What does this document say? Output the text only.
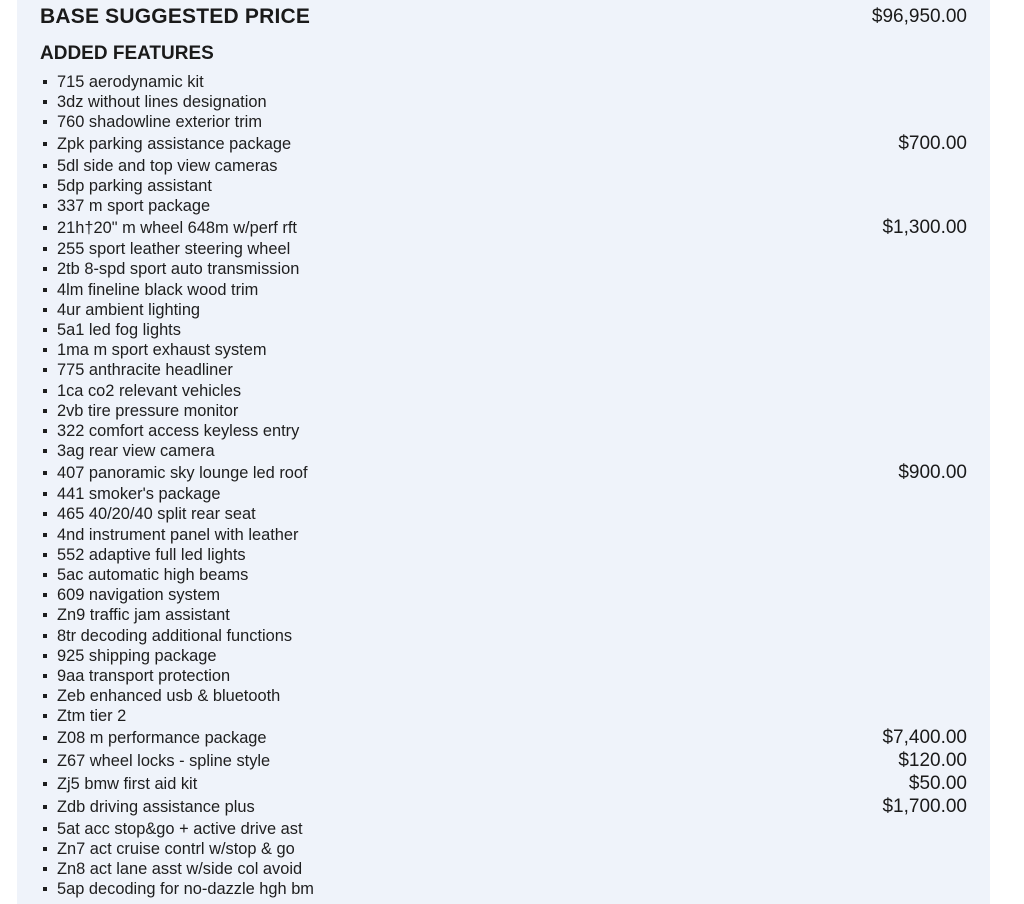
BASE SUGGESTED PRICE	$96,950.00
ADDED FEATURES
715 aerodynamic kit
3dz without lines designation
760 shadowline exterior trim
Zpk parking assistance package	$700.00
5dl side and top view cameras
5dp parking assistant
337 m sport package
21h†20" m wheel 648m w/perf rft	$1,300.00
255 sport leather steering wheel
2tb 8-spd sport auto transmission
4lm fineline black wood trim
4ur ambient lighting
5a1 led fog lights
1ma m sport exhaust system
775 anthracite headliner
1ca co2 relevant vehicles
2vb tire pressure monitor
322 comfort access keyless entry
3ag rear view camera
407 panoramic sky lounge led roof	$900.00
441 smoker's package
465 40/20/40 split rear seat
4nd instrument panel with leather
552 adaptive full led lights
5ac automatic high beams
609 navigation system
Zn9 traffic jam assistant
8tr decoding additional functions
925 shipping package
9aa transport protection
Zeb enhanced usb & bluetooth
Ztm tier 2
Z08 m performance package	$7,400.00
Z67 wheel locks - spline style	$120.00
Zj5 bmw first aid kit	$50.00
Zdb driving assistance plus	$1,700.00
5at acc stop&go + active drive ast
Zn7 act cruise contrl w/stop & go
Zn8 act lane asst w/side col avoid
5ap decoding for no-dazzle hgh bm
